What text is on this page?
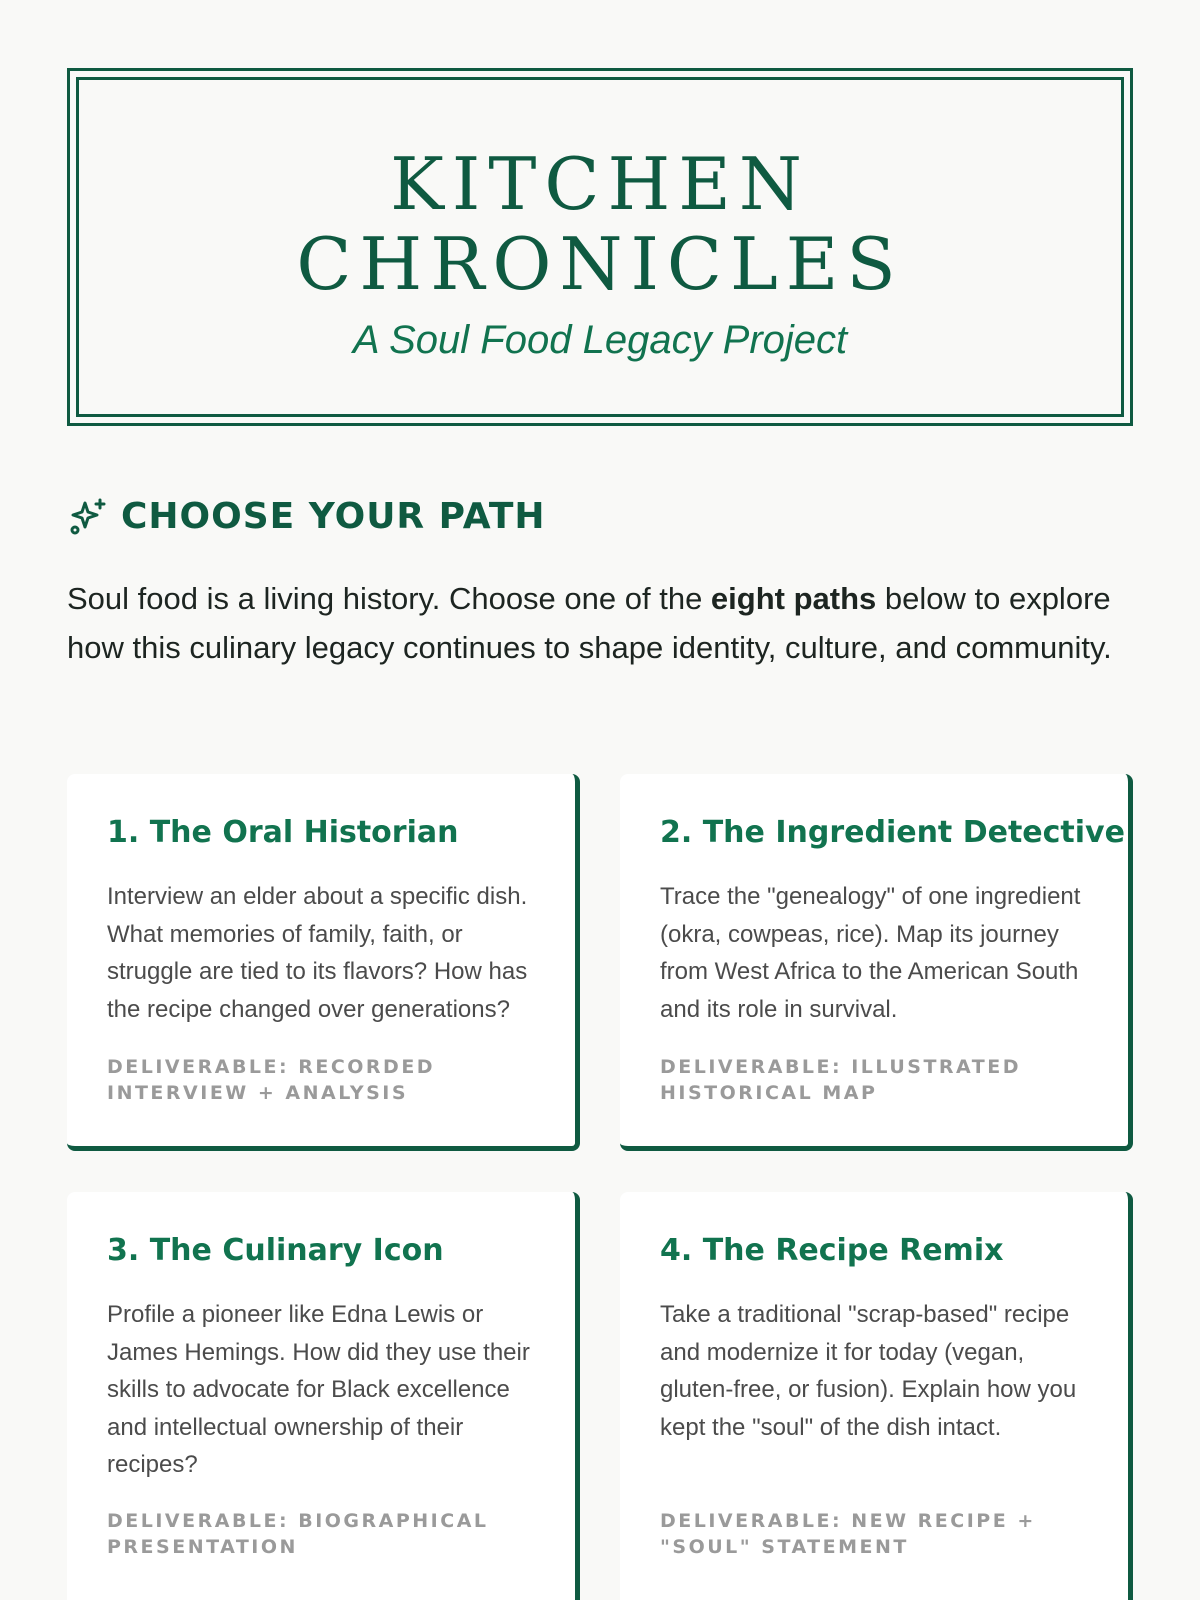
KITCHEN
CHRONICLES

A Soul Food Legacy Project

CHOOSE YOUR PATH

Soul food is a living history. Choose one of the eight paths below to explore how this culinary legacy continues to shape identity, culture, and community.

1. The Oral Historian

Interview an elder about a specific dish. What memories of family, faith, or struggle are tied to its flavors? How has the recipe changed over generations?

DELIVERABLE: RECORDED INTERVIEW + ANALYSIS

2. The Ingredient Detective

Trace the "genealogy" of one ingredient (okra, cowpeas, rice). Map its journey from West Africa to the American South and its role in survival.

DELIVERABLE: ILLUSTRATED HISTORICAL MAP

3. The Culinary Icon

Profile a pioneer like Edna Lewis or James Hemings. How did they use their skills to advocate for Black excellence and intellectual ownership of their recipes?

DELIVERABLE: BIOGRAPHICAL PRESENTATION

4. The Recipe Remix

Take a traditional "scrap-based" recipe and modernize it for today (vegan, gluten-free, or fusion). Explain how you kept the "soul" of the dish intact.

DELIVERABLE: NEW RECIPE + "SOUL" STATEMENT
